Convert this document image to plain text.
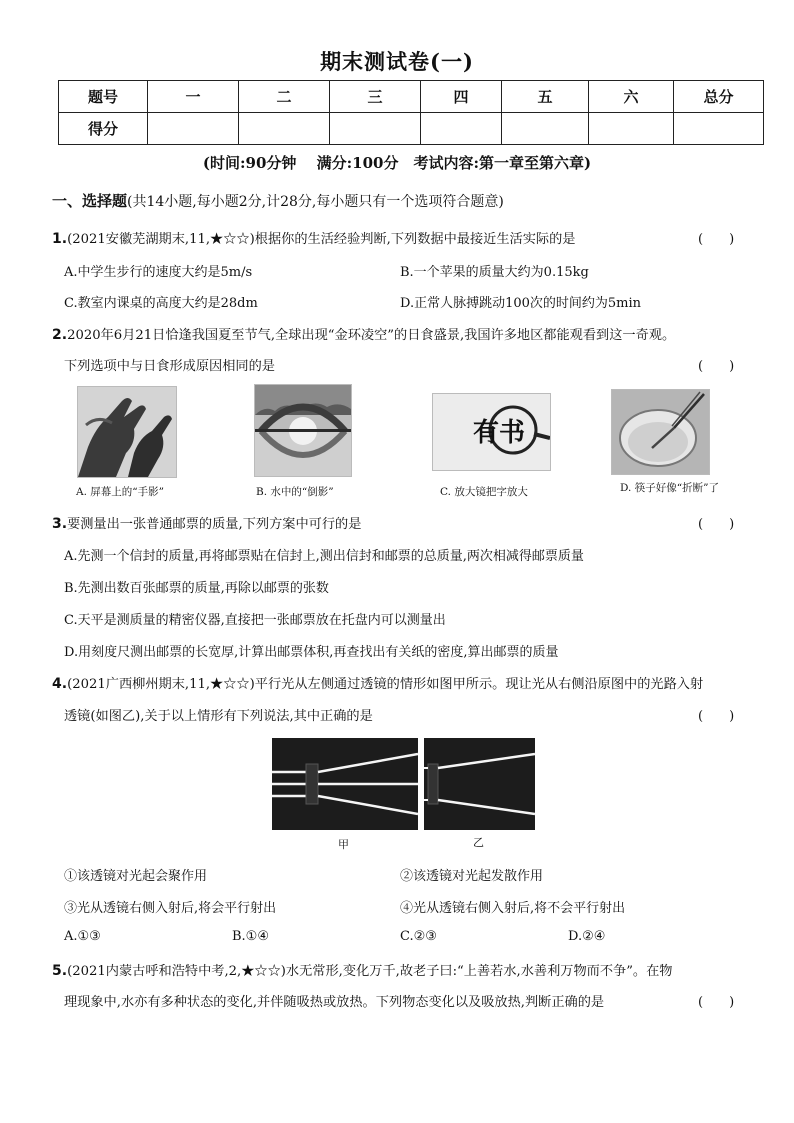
期末测试卷(一)
题号	一	二	三	四	五	六	总分
得分							
(时间:90分钟　 满分:100分　考试内容:第一章至第六章)
一、选择题(共14小题,每小题2分,计28分,每小题只有一个选项符合题意)
1.(2021安徽芜湖期末,11,★☆☆)根据你的生活经验判断,下列数据中最接近生活实际的是	(　　)
A.中学生步行的速度大约是5m/s	B.一个苹果的质量大约为0.15kg
C.教室内课桌的高度大约是28dm	D.正常人脉搏跳动100次的时间约为5min
2.2020年6月21日恰逢我国夏至节气,全球出现“金环凌空”的日食盛景,我国许多地区都能观看到这一奇观。
下列选项中与日食形成原因相同的是	(　　)
有书
A. 屏幕上的“手影”	B. 水中的“倒影”	C. 放大镜把字放大	D. 筷子好像“折断”了
3.要测量出一张普通邮票的质量,下列方案中可行的是	(　　)
A.先测一个信封的质量,再将邮票贴在信封上,测出信封和邮票的总质量,两次相减得邮票质量
B.先测出数百张邮票的质量,再除以邮票的张数
C.天平是测质量的精密仪器,直接把一张邮票放在托盘内可以测量出
D.用刻度尺测出邮票的长宽厚,计算出邮票体积,再查找出有关纸的密度,算出邮票的质量
4.(2021广西柳州期末,11,★☆☆)平行光从左侧通过透镜的情形如图甲所示。现让光从右侧沿原图中的光路入射
透镜(如图乙),关于以上情形有下列说法,其中正确的是	(　　)
甲	乙
①该透镜对光起会聚作用	②该透镜对光起发散作用
③光从透镜右侧入射后,将会平行射出	④光从透镜右侧入射后,将不会平行射出
A.①③	B.①④	C.②③	D.②④
5.(2021内蒙古呼和浩特中考,2,★☆☆)水无常形,变化万千,故老子曰:“上善若水,水善利万物而不争”。在物
理现象中,水亦有多种状态的变化,并伴随吸热或放热。下列物态变化以及吸放热,判断正确的是	(　　)
